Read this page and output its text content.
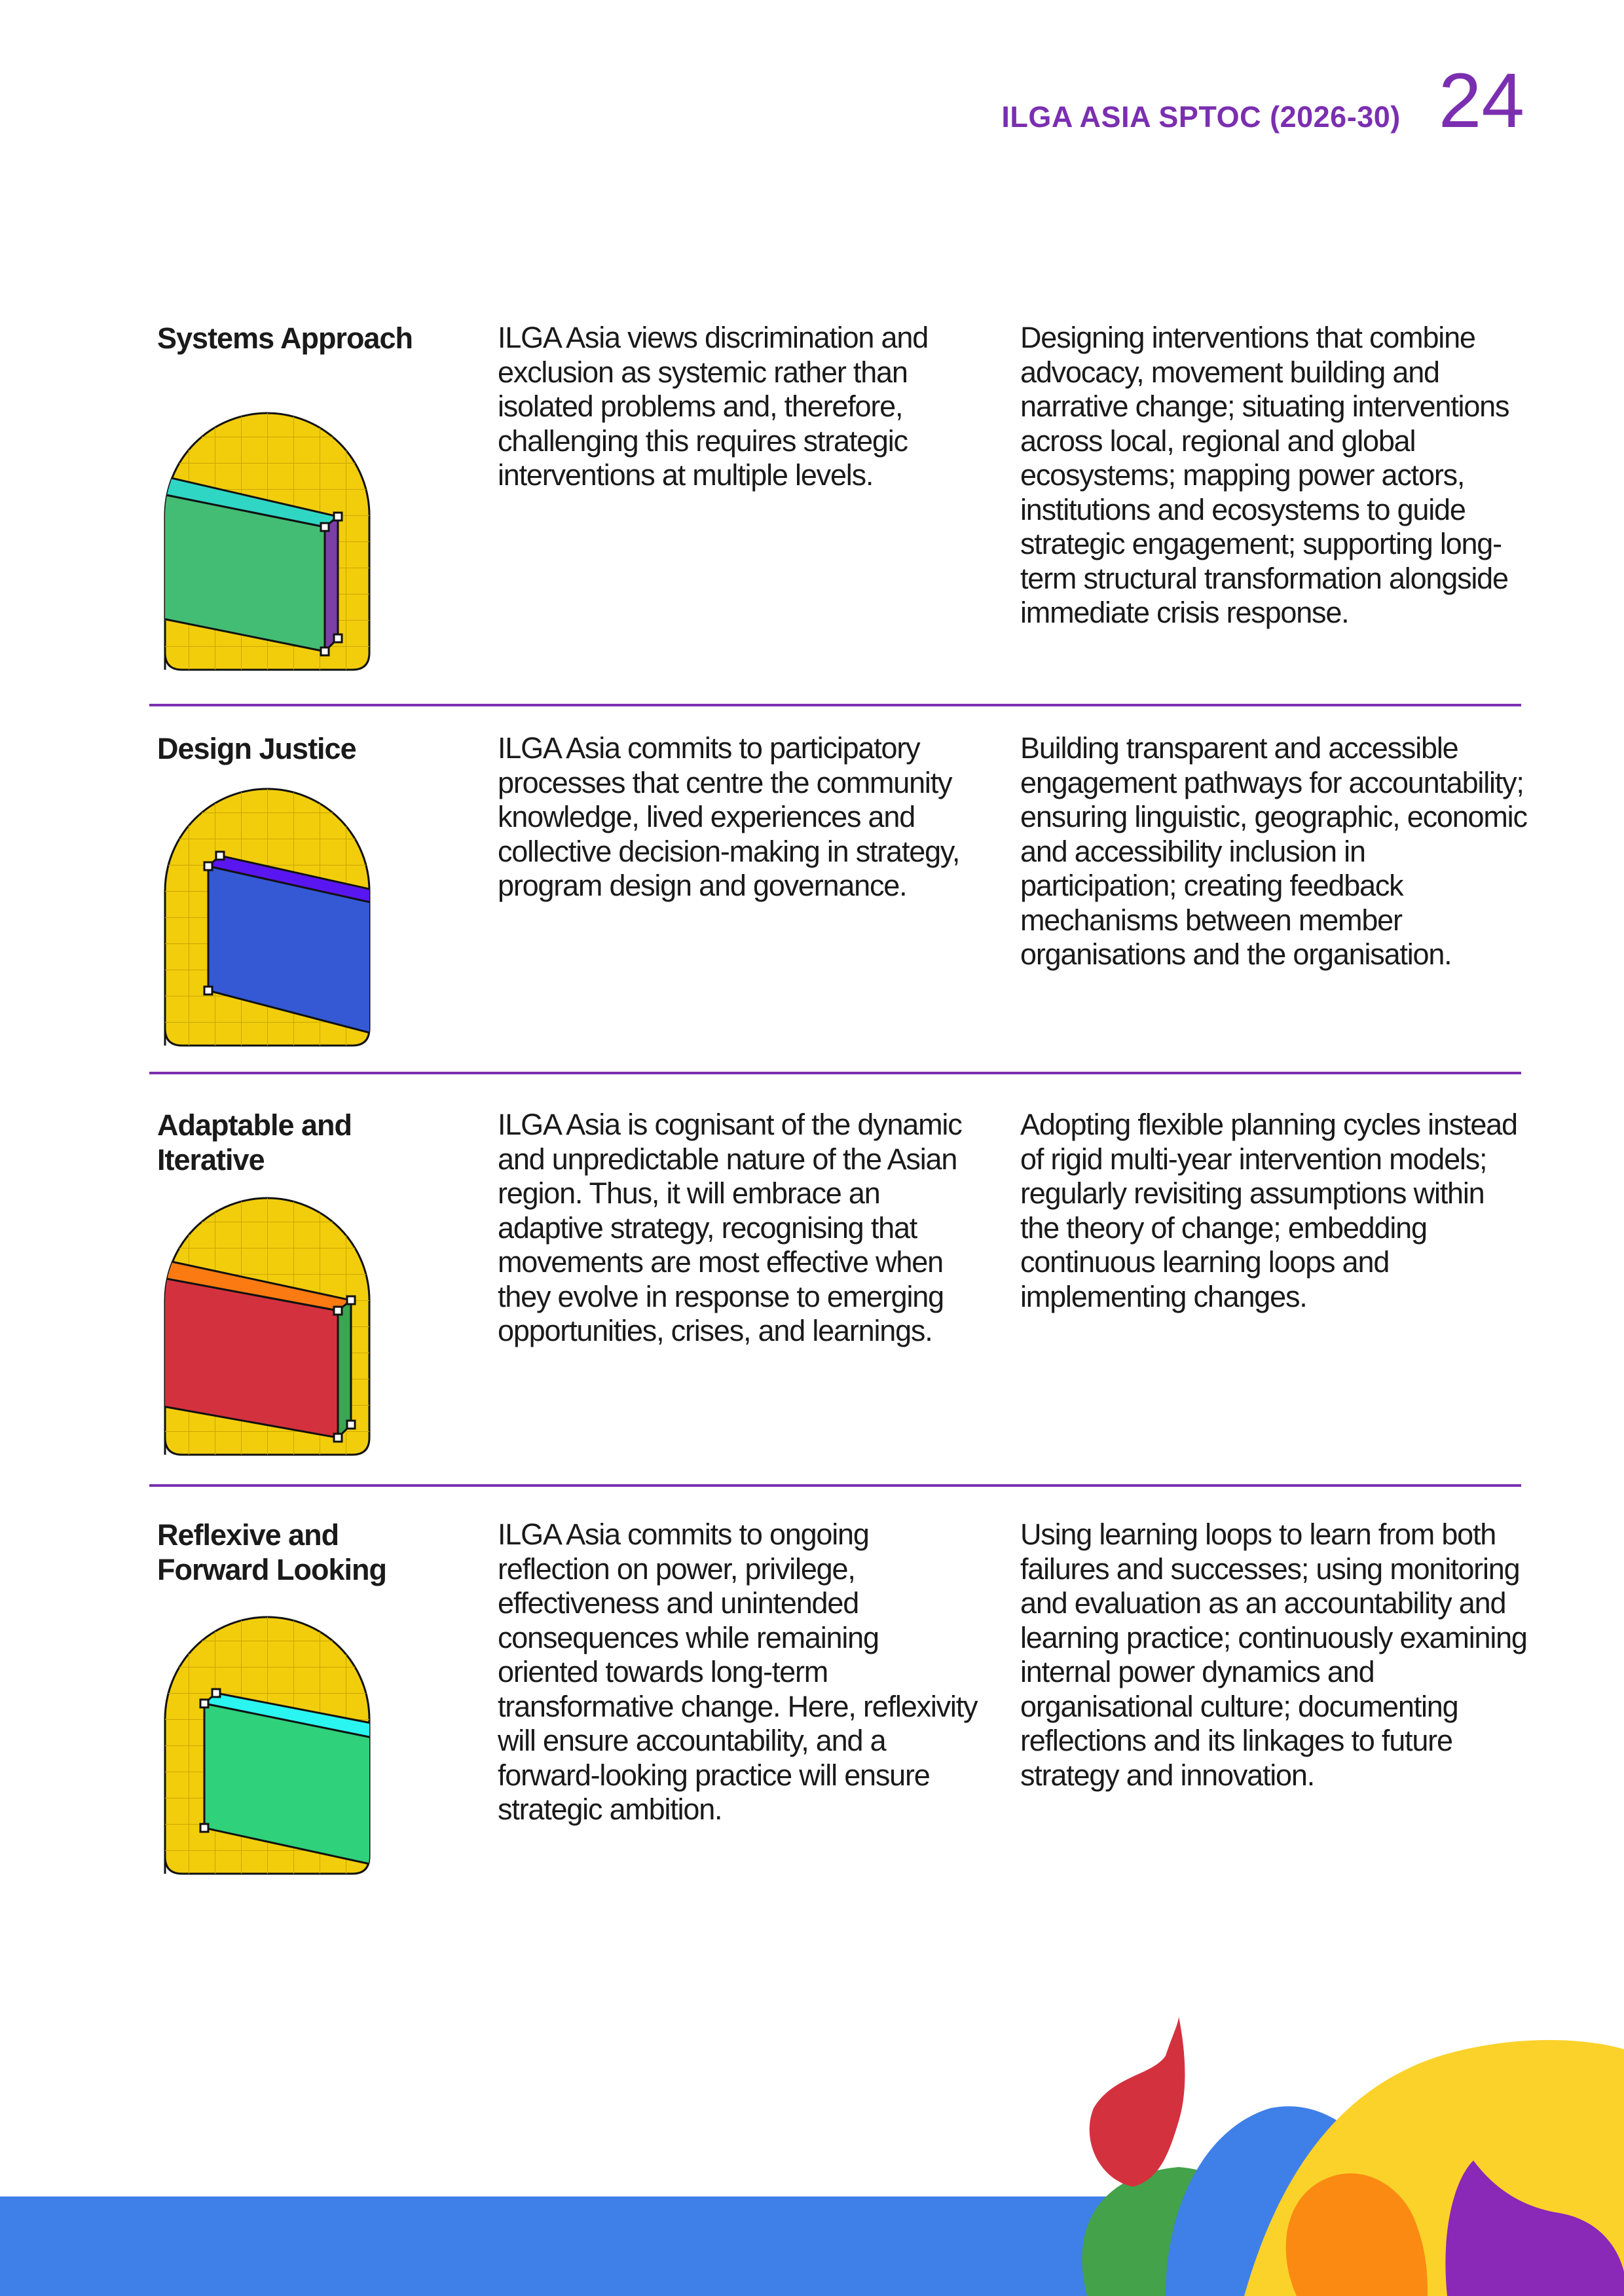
ILGA ASIA SPTOC (2026-30) 24
Systems Approach	ILGA Asia views discrimination and exclusion as systemic rather than isolated problems and, therefore, challenging this requires strategic interventions at multiple levels.
Designing interventions that combine advocacy, movement building and narrative change; situating interventions across local, regional and global ecosystems; mapping power actors, institutions and ecosystems to guide strategic engagement; supporting long-term structural transformation alongside immediate crisis response.
Design Justice	ILGA Asia commits to participatory processes that centre the community knowledge, lived experiences and collective decision-making in strategy, program design and governance.
Building transparent and accessible engagement pathways for accountability; ensuring linguistic, geographic, economic and accessibility inclusion in participation; creating feedback mechanisms between member organisations and the organisation.
Adaptable and Iterative
ILGA Asia is cognisant of the dynamic and unpredictable nature of the Asian region. Thus, it will embrace an adaptive strategy, recognising that movements are most effective when they evolve in response to emerging opportunities, crises, and learnings.
Adopting flexible planning cycles instead of rigid multi-year intervention models; regularly revisiting assumptions within the theory of change; embedding continuous learning loops and implementing changes.
Reflexive and Forward Looking
ILGA Asia commits to ongoing reflection on power, privilege, effectiveness and unintended consequences while remaining oriented towards long-term transformative change. Here, reflexivity will ensure accountability, and a forward-looking practice will ensure strategic ambition.
Using learning loops to learn from both failures and successes; using monitoring and evaluation as an accountability and learning practice; continuously examining internal power dynamics and organisational culture; documenting reflections and its linkages to future strategy and innovation.
